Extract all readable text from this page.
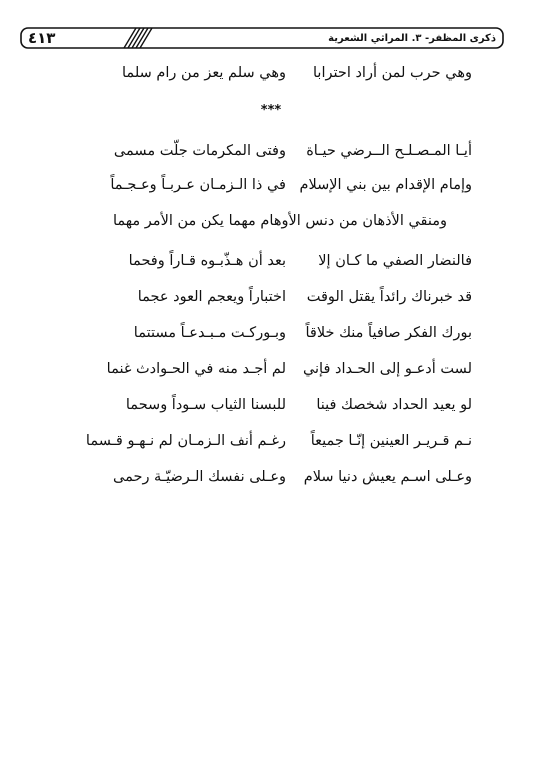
٤١٣	ذكرى المظفر- ٣. المراثي الشعرية
وهي حرب لمن أراد احترابا
وهي سلم يعز من رام سلما
***
أيـا المـصـلـح الــرضي حيـاة
وفتى المكرمات جلّت مسمى
وإمام الإقدام بين بني الإسلام
في ذا الـزمـان عـربـاً وعـجـماً
ومنقي الأذهان من دنس الأوهام مهما يكن من الأمر مهما
فالنضار الصفي ما كـان إلا
بعد أن هـذّبـوه قـاراً وفحما
قد خبرناك رائداً يقتل الوقت
اختباراً ويعجم العود عجما
بورك الفكر صافياً منك خلاقاً
وبـوركـت مـبـدعـاً مستتما
لست أدعـو إلى الحـداد فإني
لم أجـد منه في الحـوادث غنما
لو يعيد الحداد شخصك فينا
للبسنا الثياب سـوداً وسحما
نـم قـريـر العينين إنّـا جميعاً
رغـم أنف الـزمـان لم نـهـو قـسما
وعـلى اسـم يعيش دنيا سلام
وعـلى نفسك الـرضيّـة رحمى
